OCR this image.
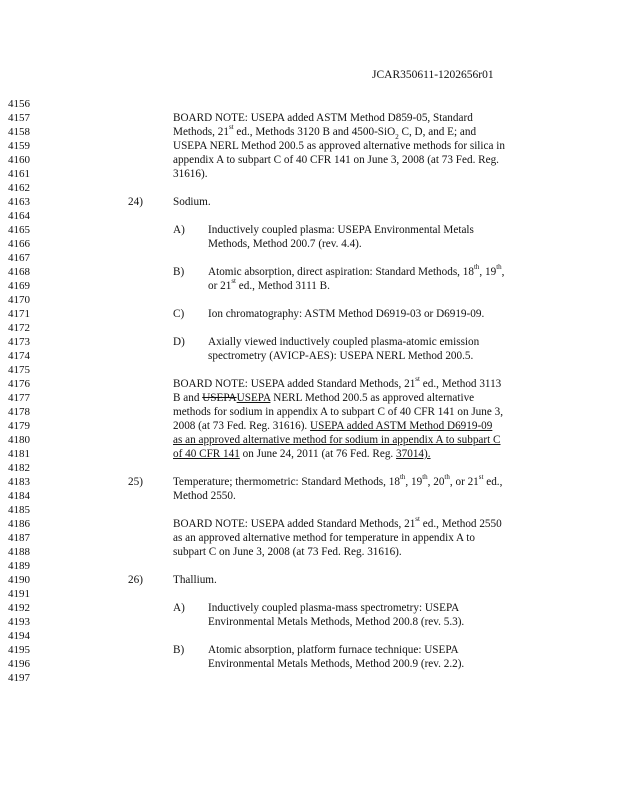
JCAR350611-1202656r01
4156
4157
4158
4159
4160
4161
4162
4163
4164
4165
4166
4167
4168
4169
4170
4171
4172
4173
4174
4175
4176
4177
4178
4179
4180
4181
4182
4183
4184
4185
4186
4187
4188
4189
4190
4191
4192
4193
4194
4195
4196
4197
BOARD NOTE: USEPA added ASTM Method D859-05, Standard
Methods, 21st ed., Methods 3120 B and 4500-SiO$_2$ C, D, and E; and
USEPA NERL Method 200.5 as approved alternative methods for silica in
appendix A to subpart C of 40 CFR 141 on June 3, 2008 (at 73 Fed. Reg.
31616).
24)	Sodium.
A) Inductively coupled plasma: USEPA Environmental Metals
Methods, Method 200.7 (rev. 4.4).
B) Atomic absorption, direct aspiration: Standard Methods, 18th, 19th,
or 21st ed., Method 3111 B.
C) Ion chromatography: ASTM Method D6919-03 or D6919-09.
D) Axially viewed inductively coupled plasma-atomic emission
spectrometry (AVICP-AES): USEPA NERL Method 200.5.
BOARD NOTE: USEPA added Standard Methods, 21st ed., Method 3113
B and USEPAUSEPA NERL Method 200.5 as approved alternative
methods for sodium in appendix A to subpart C of 40 CFR 141 on June 3,
2008 (at 73 Fed. Reg. 31616). USEPA added ASTM Method D6919-09
as an approved alternative method for sodium in appendix A to subpart C
of 40 CFR 141 on June 24, 2011 (at 76 Fed. Reg. 37014).
25)	Temperature; thermometric: Standard Methods, 18th, 19th, 20th, or 21st ed.,
Method 2550.
BOARD NOTE: USEPA added Standard Methods, 21st ed., Method 2550
as an approved alternative method for temperature in appendix A to
subpart C on June 3, 2008 (at 73 Fed. Reg. 31616).
26)	Thallium.
A) Inductively coupled plasma-mass spectrometry: USEPA
Environmental Metals Methods, Method 200.8 (rev. 5.3).
B) Atomic absorption, platform furnace technique: USEPA
Environmental Metals Methods, Method 200.9 (rev. 2.2).
